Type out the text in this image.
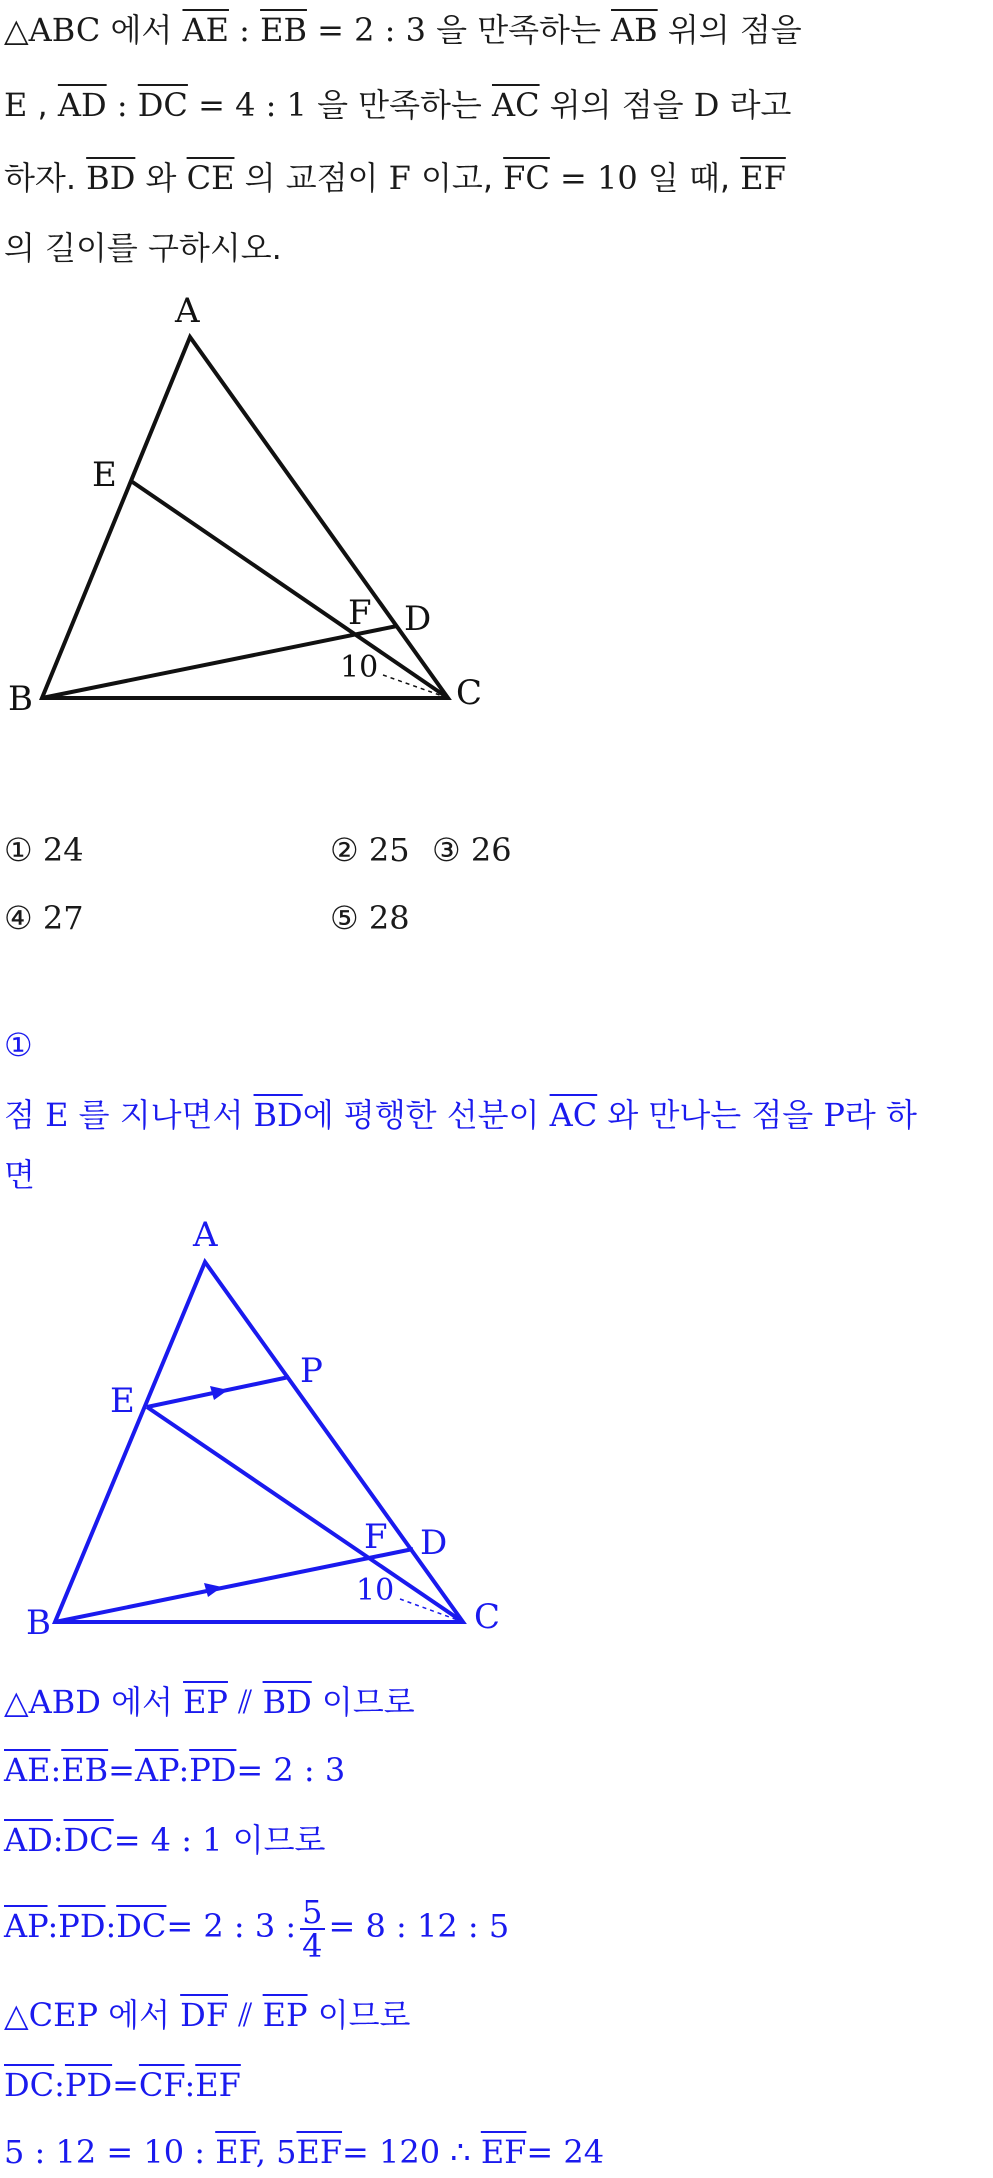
△ABC 에서 $\overline{AE}$ : $\overline{EB} = 2$ : 3 을 만족하는 $\overline{AB}$ 위의 점을
E , $\overline{AD}$ : $\overline{DC} = 4$ : 1 을 만족하는 $\overline{AC}$ 위의 점을 D 라고
하자. $\overline{BD}$ 와 $\overline{CE}$ 의 교점이 F 이고, $\overline{FC} = 10$ 일 때, $\overline{EF}$
의 길이를 구하시오.
A
E
F D
B	C
10
① 24	② 25 ③ 26
④ 27	⑤ 28
①
점 E 를 지나면서 $\overline{BD}$에 평행한 선분이 $\overline{AC}$ 와 만나는 점을 P라 하
면
A
P
E
F D
B	C
10
△ABD 에서 $\overline{EP}$ ⫽ $\overline{BD}$ 이므로
$\overline{AE}:\overline{EB}=\overline{AP}:\overline{PD}= 2$ : 3
$\overline{AD}:\overline{DC}= 4$ : 1 이므로
$\overline{AP}:\overline{PD}:\overline{DC}= 2$ : 3 : $\frac{5}{4} = 8$ : 12 : 5
△CEP 에서 $\overline{DF}$ ⫽ $\overline{EP}$ 이므로
$\overline{DC}:\overline{PD}=\overline{CF}:\overline{EF}$
5 : 12 = 10 : $\overline{EF}$, $5\overline{EF}= 120$ ∴ $\overline{EF}= 24$
